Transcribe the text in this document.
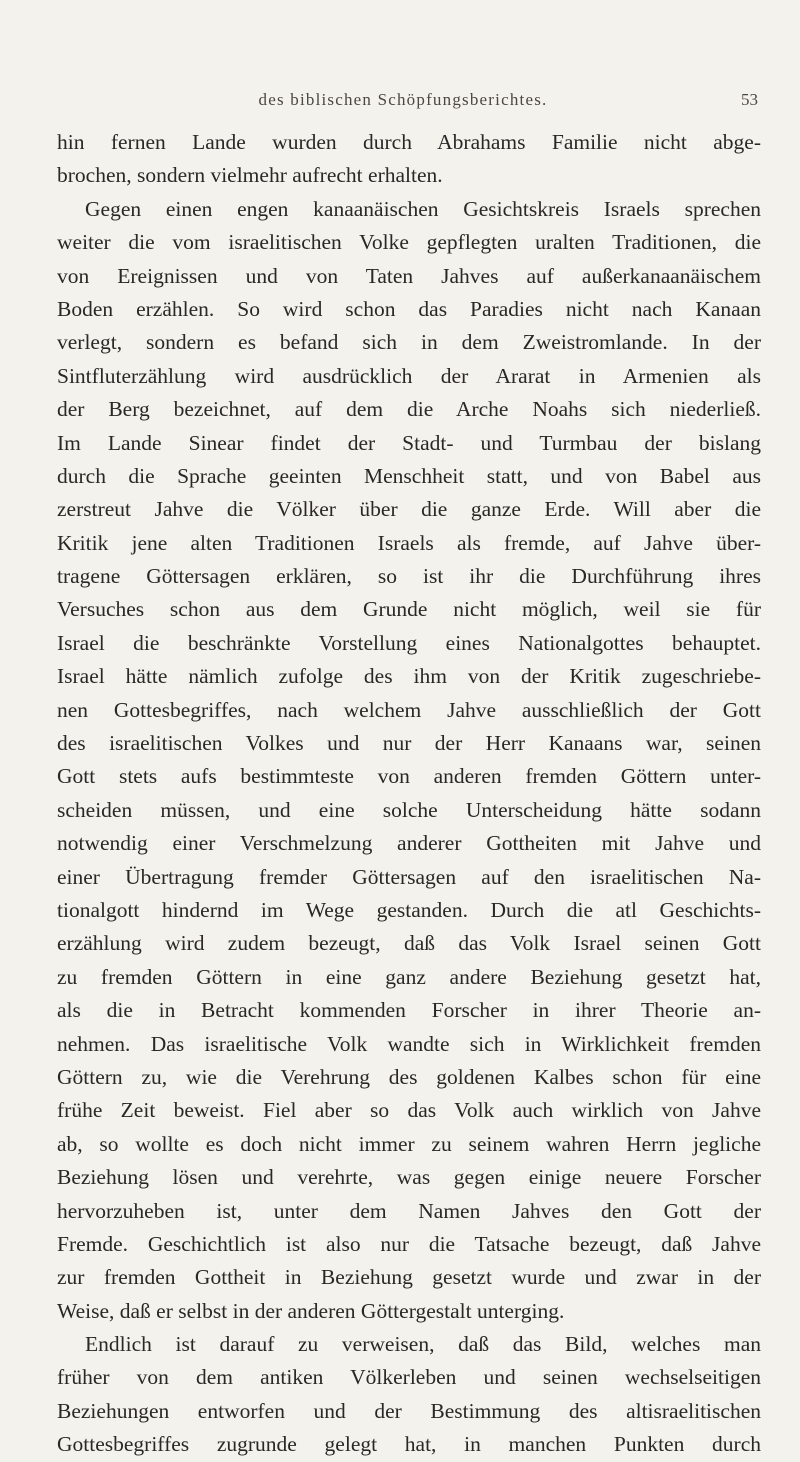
des biblischen Schöpfungsberichtes.	53
hin fernen Lande wurden durch Abrahams Familie nicht abge-
brochen, sondern vielmehr aufrecht erhalten.
Gegen einen engen kanaanäischen Gesichtskreis Israels sprechen
weiter die vom israelitischen Volke gepflegten uralten Traditionen, die
von Ereignissen und von Taten Jahves auf außerkanaanäischem
Boden erzählen. So wird schon das Paradies nicht nach Kanaan
verlegt, sondern es befand sich in dem Zweistromlande. In der
Sintfluterzählung wird ausdrücklich der Ararat in Armenien als
der Berg bezeichnet, auf dem die Arche Noahs sich niederließ.
Im Lande Sinear findet der Stadt- und Turmbau der bislang
durch die Sprache geeinten Menschheit statt, und von Babel aus
zerstreut Jahve die Völker über die ganze Erde. Will aber die
Kritik jene alten Traditionen Israels als fremde, auf Jahve über-
tragene Göttersagen erklären, so ist ihr die Durchführung ihres
Versuches schon aus dem Grunde nicht möglich, weil sie für
Israel die beschränkte Vorstellung eines Nationalgottes behauptet.
Israel hätte nämlich zufolge des ihm von der Kritik zugeschriebe-
nen Gottesbegriffes, nach welchem Jahve ausschließlich der Gott
des israelitischen Volkes und nur der Herr Kanaans war, seinen
Gott stets aufs bestimmteste von anderen fremden Göttern unter-
scheiden müssen, und eine solche Unterscheidung hätte sodann
notwendig einer Verschmelzung anderer Gottheiten mit Jahve und
einer Übertragung fremder Göttersagen auf den israelitischen Na-
tionalgott hindernd im Wege gestanden. Durch die atl Geschichts-
erzählung wird zudem bezeugt, daß das Volk Israel seinen Gott
zu fremden Göttern in eine ganz andere Beziehung gesetzt hat,
als die in Betracht kommenden Forscher in ihrer Theorie an-
nehmen. Das israelitische Volk wandte sich in Wirklichkeit fremden
Göttern zu, wie die Verehrung des goldenen Kalbes schon für eine
frühe Zeit beweist. Fiel aber so das Volk auch wirklich von Jahve
ab, so wollte es doch nicht immer zu seinem wahren Herrn jegliche
Beziehung lösen und verehrte, was gegen einige neuere Forscher
hervorzuheben ist, unter dem Namen Jahves den Gott der
Fremde. Geschichtlich ist also nur die Tatsache bezeugt, daß Jahve
zur fremden Gottheit in Beziehung gesetzt wurde und zwar in der
Weise, daß er selbst in der anderen Göttergestalt unterging.
Endlich ist darauf zu verweisen, daß das Bild, welches man
früher von dem antiken Völkerleben und seinen wechselseitigen
Beziehungen entworfen und der Bestimmung des altisraelitischen
Gottesbegriffes zugrunde gelegt hat, in manchen Punkten durch
